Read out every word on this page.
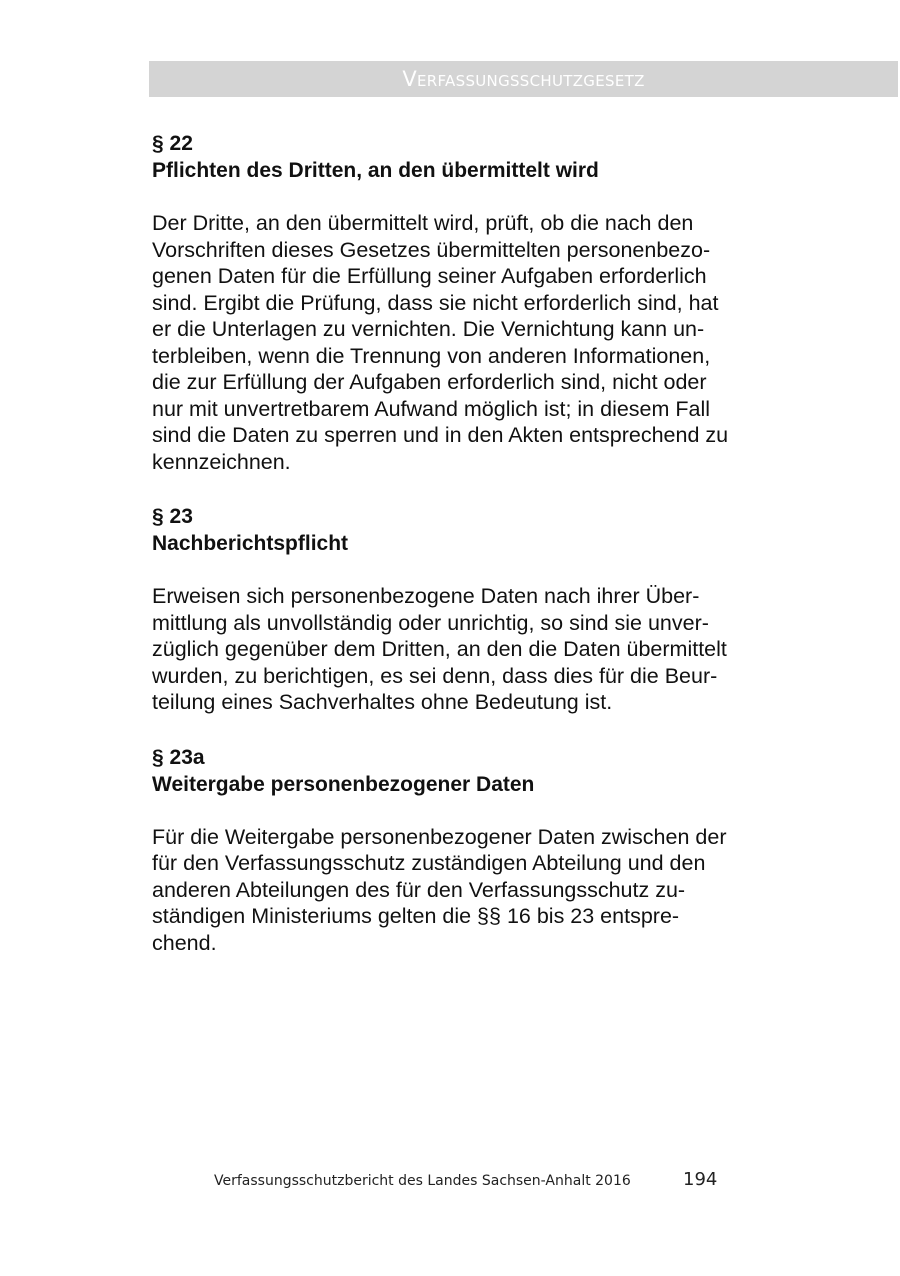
Verfassungsschutzgesetz

§ 22

Pflichten des Dritten, an den übermittelt wird

Der Dritte, an den übermittelt wird, prüft, ob die nach den
Vorschriften dieses Gesetzes übermittelten personenbezo-
genen Daten für die Erfüllung seiner Aufgaben erforderlich
sind. Ergibt die Prüfung, dass sie nicht erforderlich sind, hat
er die Unterlagen zu vernichten. Die Vernichtung kann un-
terbleiben, wenn die Trennung von anderen Informationen,
die zur Erfüllung der Aufgaben erforderlich sind, nicht oder
nur mit unvertretbarem Aufwand möglich ist; in diesem Fall
sind die Daten zu sperren und in den Akten entsprechend zu
kennzeichnen.

§ 23

Nachberichtspflicht

Erweisen sich personenbezogene Daten nach ihrer Über-
mittlung als unvollständig oder unrichtig, so sind sie unver-
züglich gegenüber dem Dritten, an den die Daten übermittelt
wurden, zu berichtigen, es sei denn, dass dies für die Beur-
teilung eines Sachverhaltes ohne Bedeutung ist.

§ 23a

Weitergabe personenbezogener Daten

Für die Weitergabe personenbezogener Daten zwischen der
für den Verfassungsschutz zuständigen Abteilung und den
anderen Abteilungen des für den Verfassungsschutz zu-
ständigen Ministeriums gelten die §§ 16 bis 23 entspre-
chend.
Verfassungsschutzbericht des Landes Sachsen-Anhalt 2016	194
